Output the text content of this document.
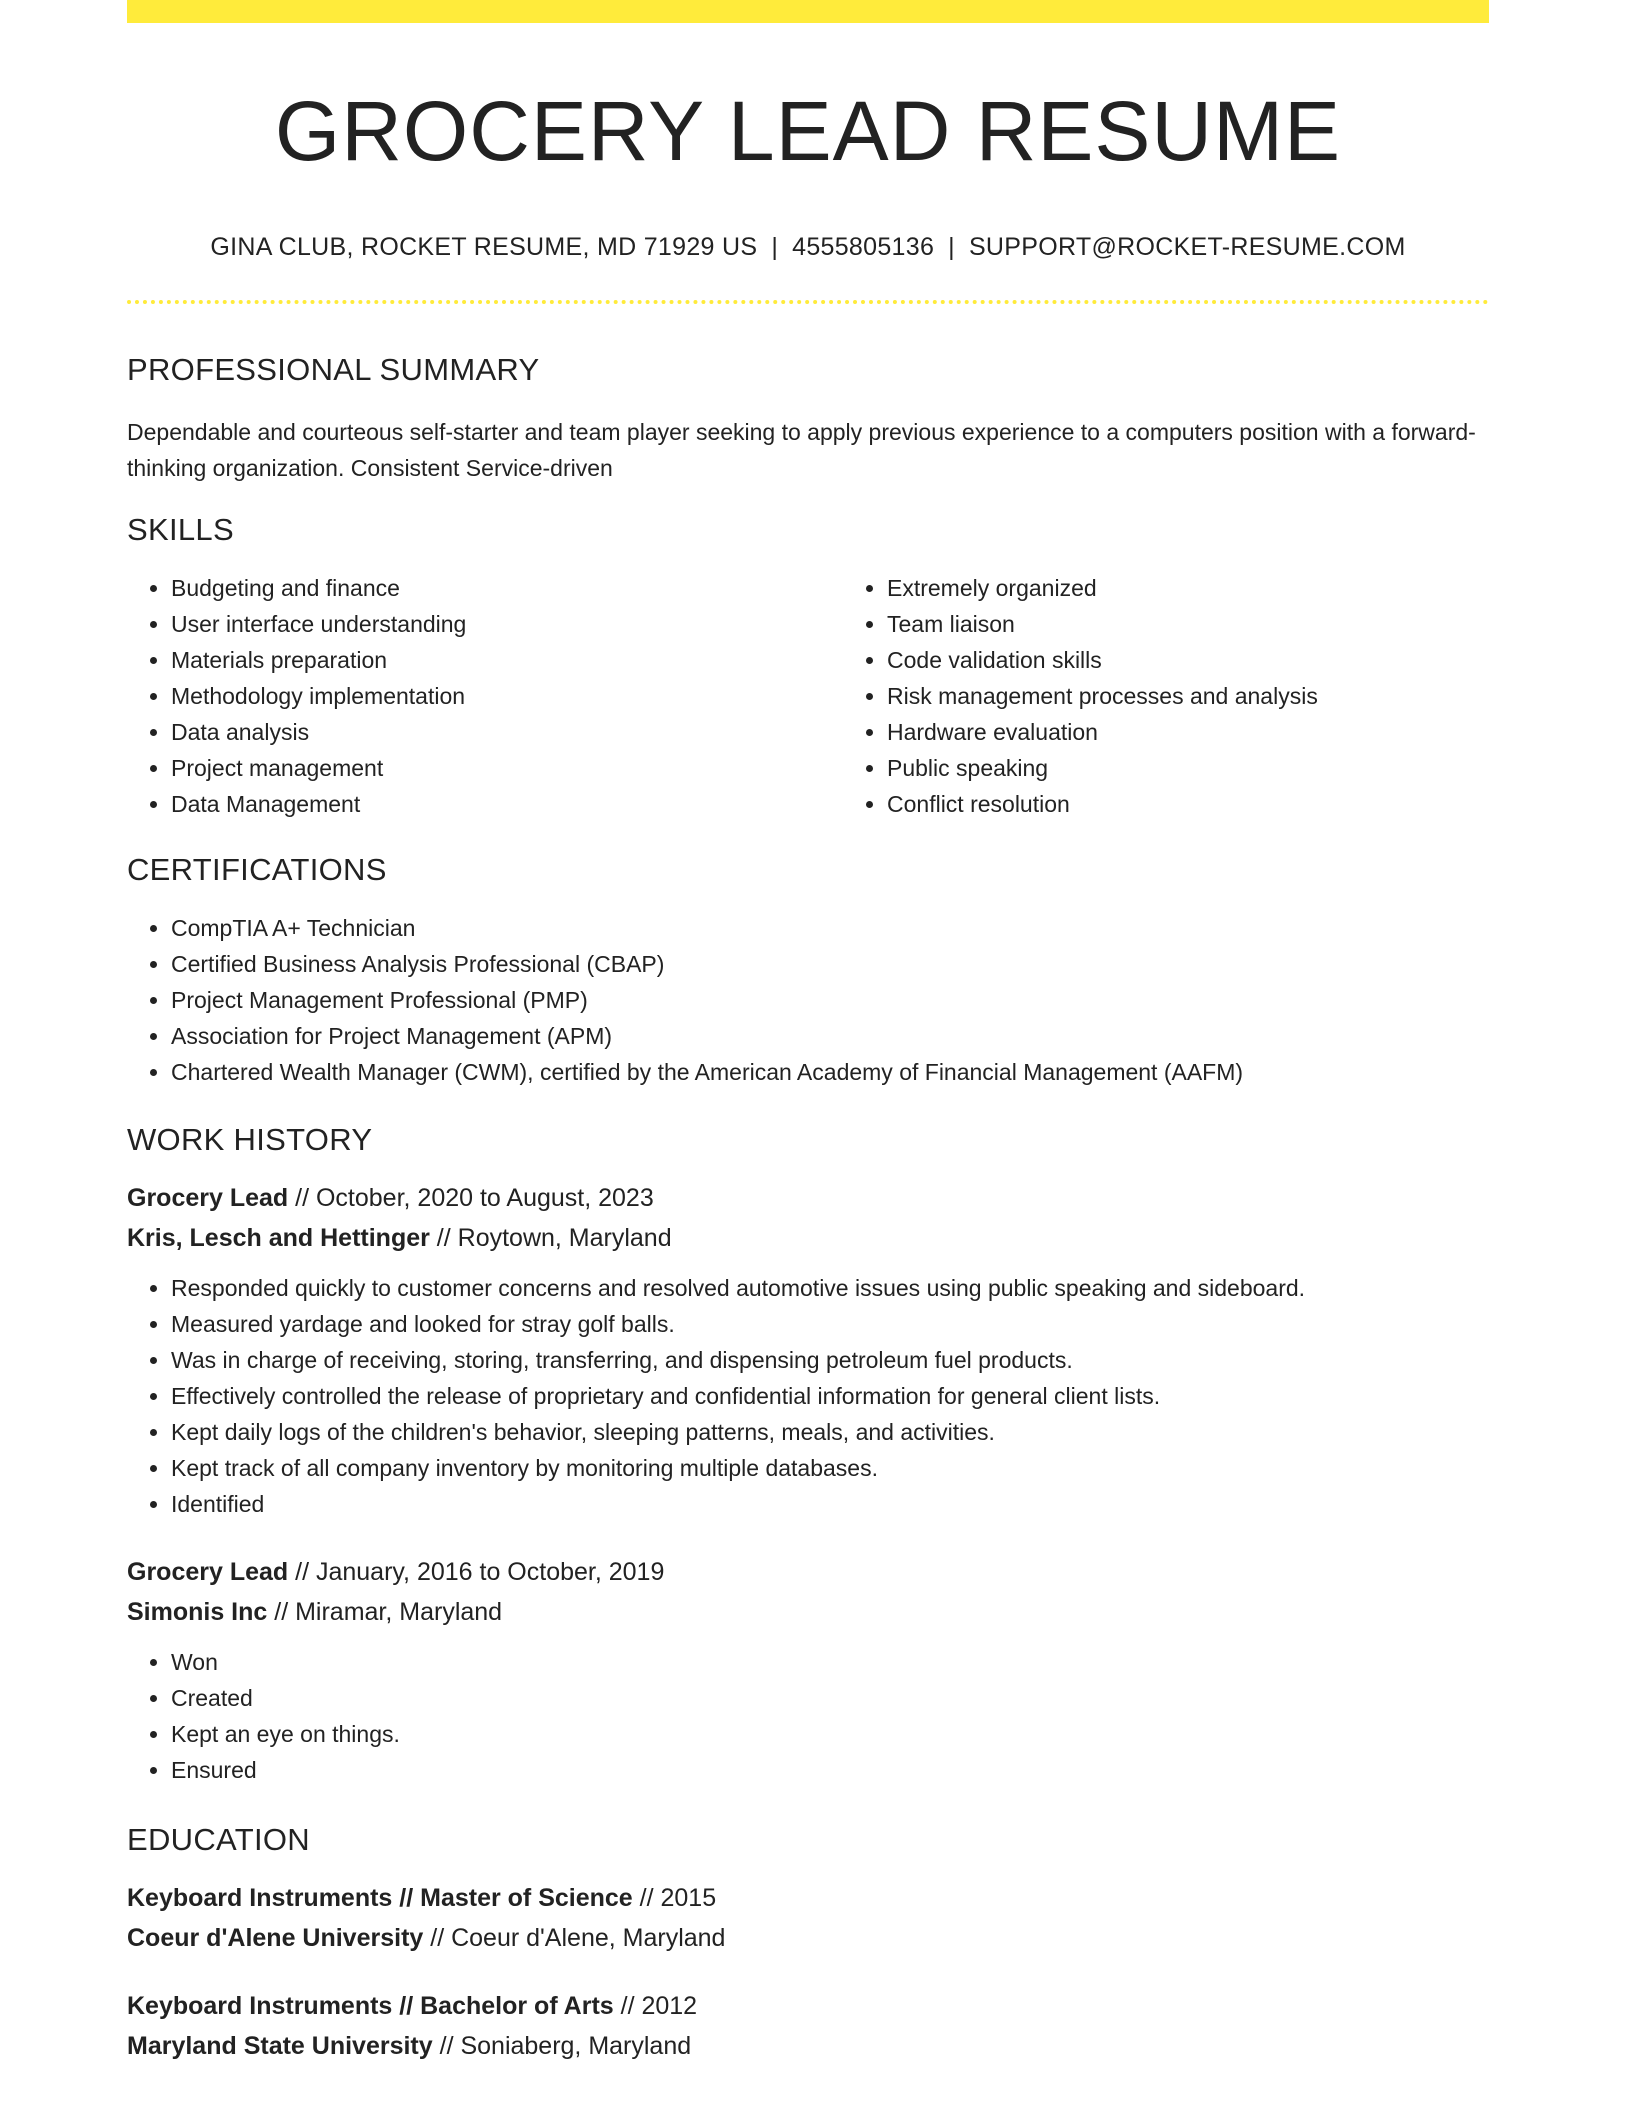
GROCERY LEAD RESUME
GINA CLUB, ROCKET RESUME, MD 71929 US | 4555805136 | SUPPORT@ROCKET-RESUME.COM
PROFESSIONAL SUMMARY
Dependable and courteous self-starter and team player seeking to apply previous experience to a computers position with a forward-thinking organization. Consistent Service-driven
SKILLS
• Budgeting and finance
• User interface understanding
• Materials preparation
• Methodology implementation
• Data analysis
• Project management
• Data Management
• Extremely organized
• Team liaison
• Code validation skills
• Risk management processes and analysis
• Hardware evaluation
• Public speaking
• Conflict resolution
CERTIFICATIONS
• CompTIA A+ Technician
• Certified Business Analysis Professional (CBAP)
• Project Management Professional (PMP)
• Association for Project Management (APM)
• Chartered Wealth Manager (CWM), certified by the American Academy of Financial Management (AAFM)
WORK HISTORY
Grocery Lead // October, 2020 to August, 2023
Kris, Lesch and Hettinger // Roytown, Maryland
• Responded quickly to customer concerns and resolved automotive issues using public speaking and sideboard.
• Measured yardage and looked for stray golf balls.
• Was in charge of receiving, storing, transferring, and dispensing petroleum fuel products.
• Effectively controlled the release of proprietary and confidential information for general client lists.
• Kept daily logs of the children's behavior, sleeping patterns, meals, and activities.
• Kept track of all company inventory by monitoring multiple databases.
• Identified
Grocery Lead // January, 2016 to October, 2019
Simonis Inc // Miramar, Maryland
• Won
• Created
• Kept an eye on things.
• Ensured
EDUCATION
Keyboard Instruments // Master of Science // 2015
Coeur d'Alene University // Coeur d'Alene, Maryland
Keyboard Instruments // Bachelor of Arts // 2012
Maryland State University // Soniaberg, Maryland
